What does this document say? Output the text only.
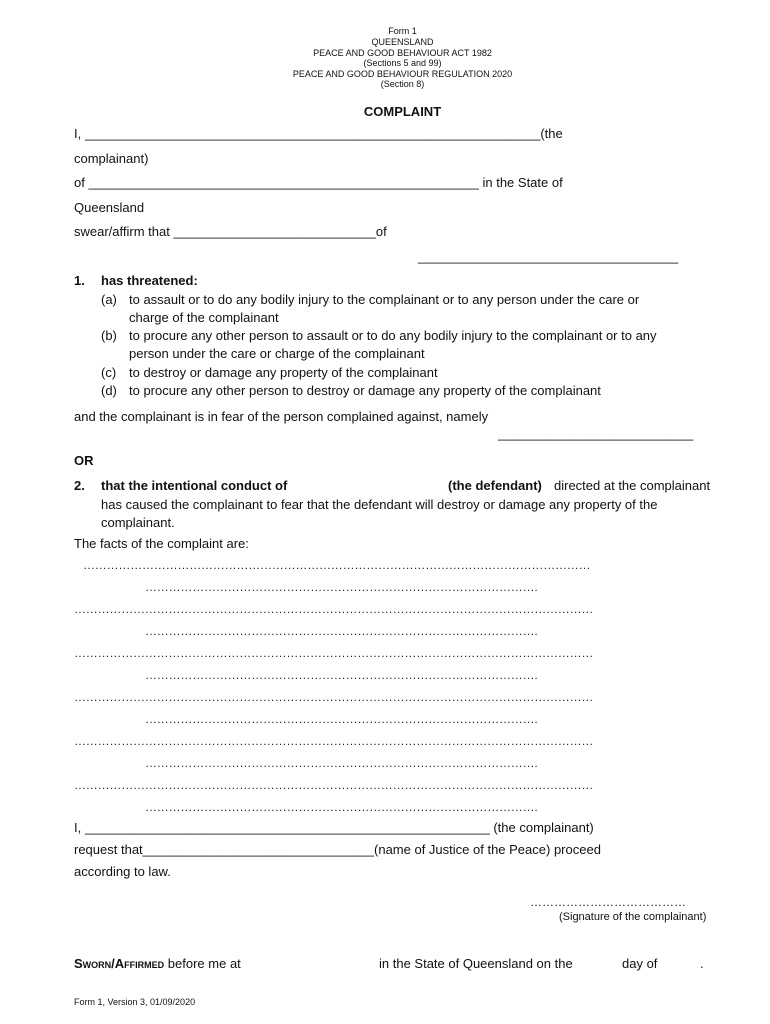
Form 1
QUEENSLAND
PEACE AND GOOD BEHAVIOUR ACT 1982
(Sections 5 and 99)
PEACE AND GOOD BEHAVIOUR REGULATION 2020
(Section 8)
COMPLAINT
I, _______________________________________________________________(the
complainant)
of ______________________________________________________ in the State of
Queensland
swear/affirm that ____________________________of
____________________________________
1. has threatened:
(a) to assault or to do any bodily injury to the complainant or to any person under the care or
charge of the complainant
(b) to procure any other person to assault or to do any bodily injury to the complainant or to any
person under the care or charge of the complainant
(c) to destroy or damage any property of the complainant
(d) to procure any other person to destroy or damage any property of the complainant
and the complainant is in fear of the person complained against, namely
___________________________
OR
2. that the intentional conduct of	(the defendant) directed at the complainant
has caused the complainant to fear that the defendant will destroy or damage any property of the
complainant.
The facts of the complaint are:
…………………………………………………………………………………………………………………
……………………………………………………………………………………….
……………………………………………………………………………………………………………………
……………………………………………………………………………………….
……………………………………………………………………………………………………………………
……………………………………………………………………………………….
……………………………………………………………………………………………………………………
……………………………………………………………………………………….
……………………………………………………………………………………………………………………
……………………………………………………………………………………….
……………………………………………………………………………………………………………………
……………………………………………………………………………………….
I, ________________________________________________________ (the complainant)
request that________________________________(name of Justice of the Peace) proceed
according to law.
…………………………………
(Signature of the complainant)
Sworn/Affirmed before me at	in the State of Queensland on the	day of	.
Form 1, Version 3, 01/09/2020
